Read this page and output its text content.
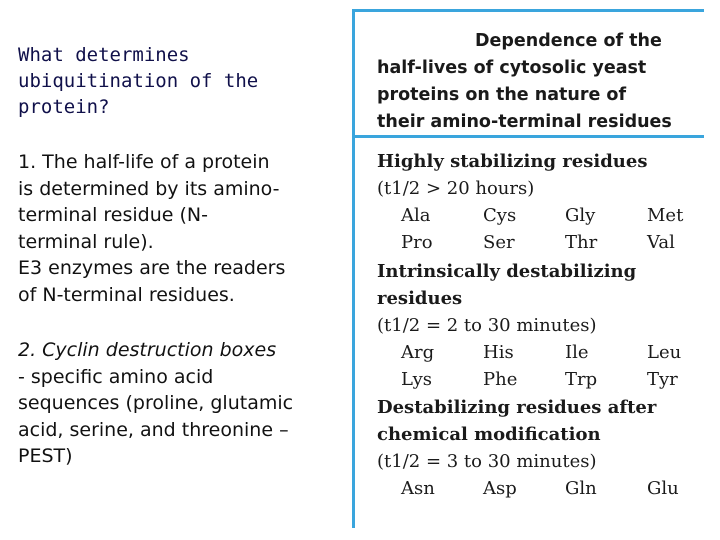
What determines
ubiquitination of the
protein?
1. The half-life of a protein
is determined by its amino-
terminal residue (N-
terminal rule).
E3 enzymes are the readers
of N-terminal residues.
2. Cyclin destruction boxes
- specific amino acid
sequences (proline, glutamic
acid, serine, and threonine –
PEST)
Dependence of the
half-lives of cytosolic yeast
proteins on the nature of
their amino-terminal residues
Highly stabilizing residues
(t1/2 > 20 hours)
Ala	Cys	Gly	Met
Pro	Ser	Thr	Val
Intrinsically destabilizing
residues
(t1/2 = 2 to 30 minutes)
Arg	His	Ile	Leu
Lys	Phe	Trp	Tyr
Destabilizing residues after
chemical modification
(t1/2 = 3 to 30 minutes)
Asn	Asp	Gln	Glu
